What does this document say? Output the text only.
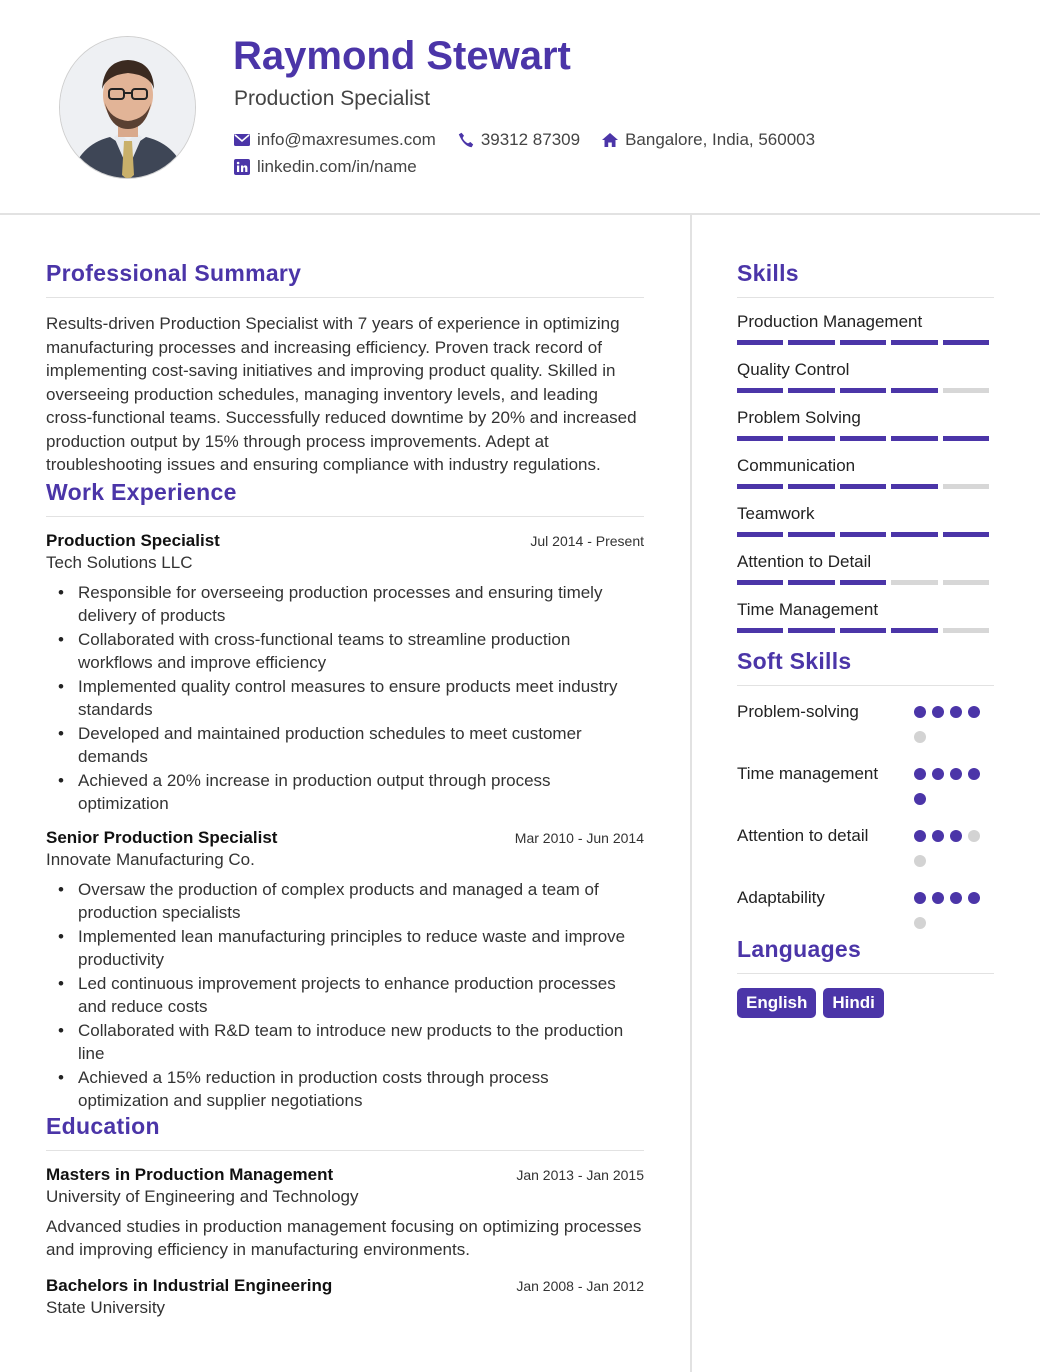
Raymond Stewart
Production Specialist
info@maxresumes.com	39312 87309	Bangalore, India, 560003
linkedin.com/in/name
Professional Summary
Results-driven Production Specialist with 7 years of experience in optimizing manufacturing processes and increasing efficiency. Proven track record of implementing cost-saving initiatives and improving product quality. Skilled in overseeing production schedules, managing inventory levels, and leading cross-functional teams. Successfully reduced downtime by 20% and increased production output by 15% through process improvements. Adept at troubleshooting issues and ensuring compliance with industry regulations.
Work Experience
Production Specialist	Jul 2014 - Present
Tech Solutions LLC
• Responsible for overseeing production processes and ensuring timely delivery of products
• Collaborated with cross-functional teams to streamline production workflows and improve efficiency
• Implemented quality control measures to ensure products meet industry standards
• Developed and maintained production schedules to meet customer demands
• Achieved a 20% increase in production output through process optimization
Senior Production Specialist	Mar 2010 - Jun 2014
Innovate Manufacturing Co.
• Oversaw the production of complex products and managed a team of production specialists
• Implemented lean manufacturing principles to reduce waste and improve productivity
• Led continuous improvement projects to enhance production processes and reduce costs
• Collaborated with R&D team to introduce new products to the production line
• Achieved a 15% reduction in production costs through process optimization and supplier negotiations
Education
Masters in Production Management	Jan 2013 - Jan 2015
University of Engineering and Technology
Advanced studies in production management focusing on optimizing processes and improving efficiency in manufacturing environments.
Bachelors in Industrial Engineering	Jan 2008 - Jan 2012
State University
Skills
Production Management
Quality Control
Problem Solving
Communication
Teamwork
Attention to Detail
Time Management
Soft Skills
Problem-solving
Time management
Attention to detail
Adaptability
Languages
English	Hindi
